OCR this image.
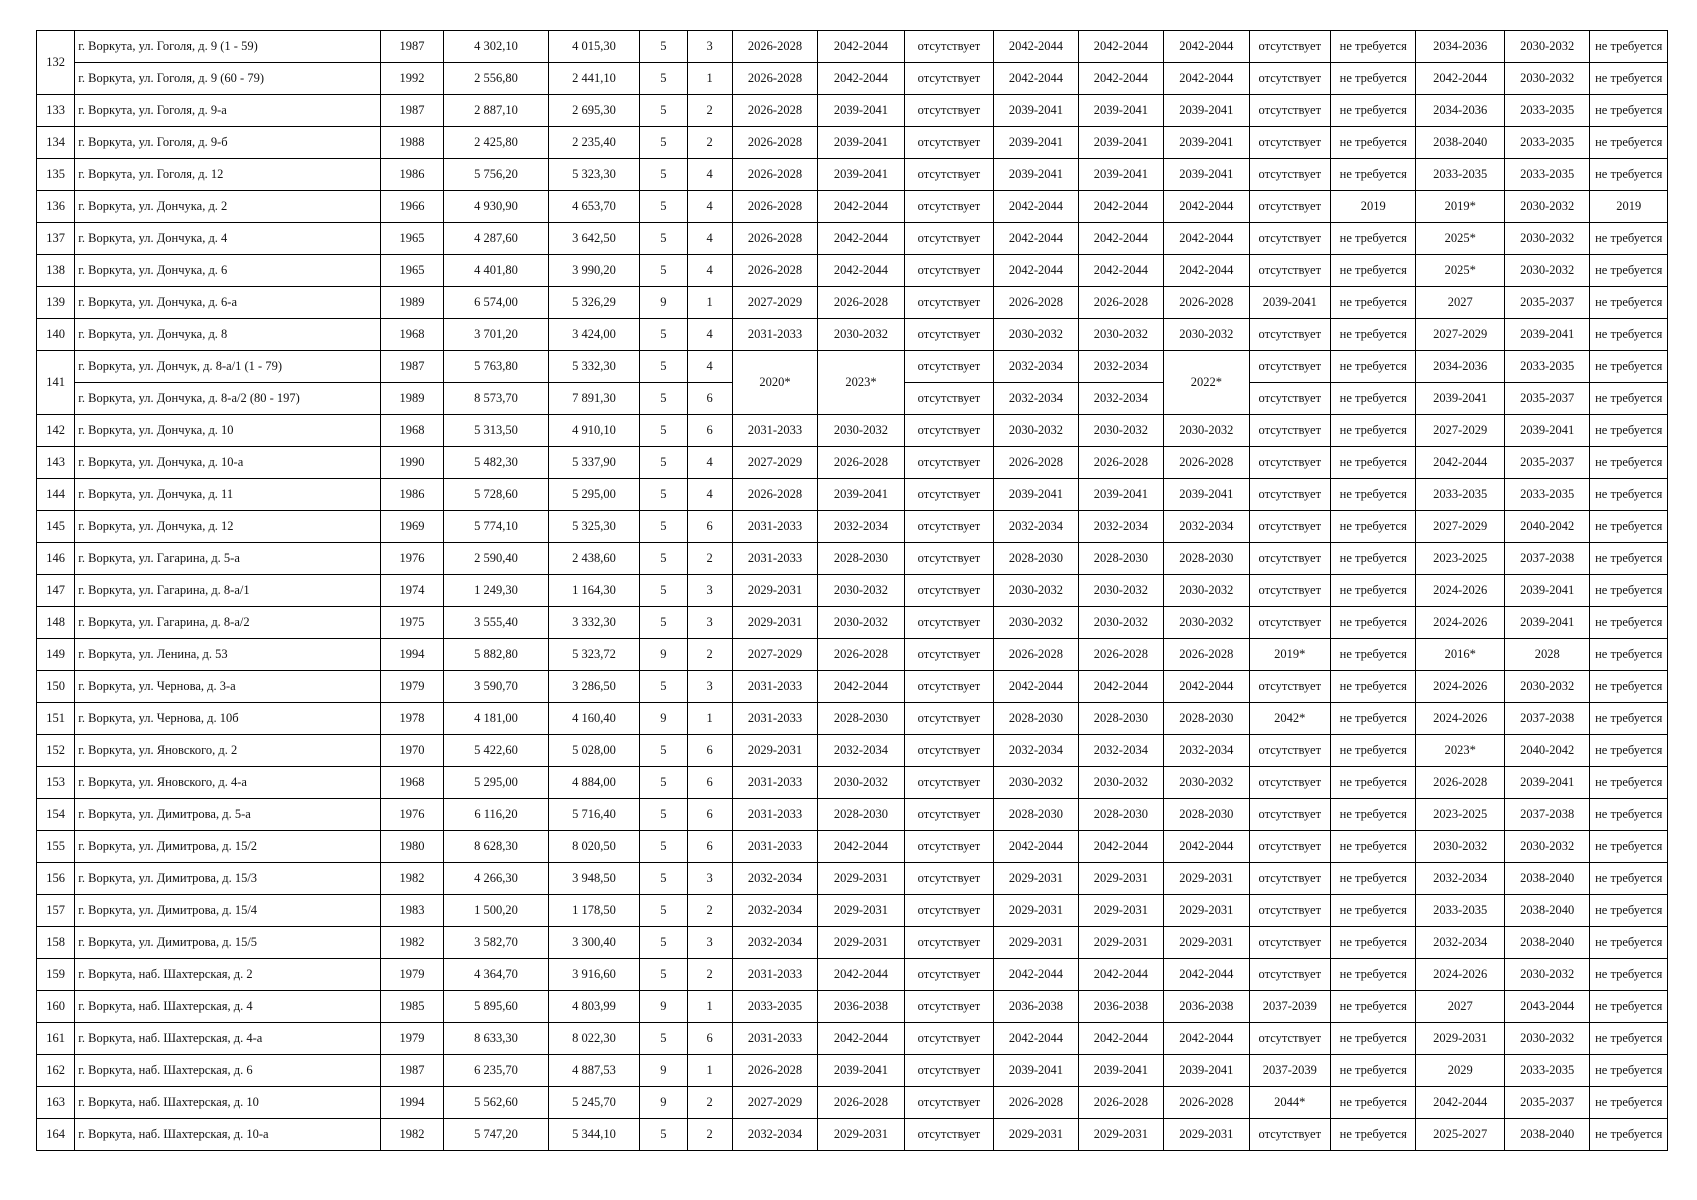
132	г. Воркута, ул. Гоголя, д. 9 (1 - 59)	1987	4 302,10	4 015,30	5	3	2026-2028	2042-2044	отсутствует	2042-2044	2042-2044	2042-2044	отсутствует	не требуется	2034-2036	2030-2032	не требуется
	г. Воркута, ул. Гоголя, д. 9 (60 - 79)	1992	2 556,80	2 441,10	5	1	2026-2028	2042-2044	отсутствует	2042-2044	2042-2044	2042-2044	отсутствует	не требуется	2042-2044	2030-2032	не требуется
133	г. Воркута, ул. Гоголя, д. 9-а	1987	2 887,10	2 695,30	5	2	2026-2028	2039-2041	отсутствует	2039-2041	2039-2041	2039-2041	отсутствует	не требуется	2034-2036	2033-2035	не требуется
134	г. Воркута, ул. Гоголя, д. 9-б	1988	2 425,80	2 235,40	5	2	2026-2028	2039-2041	отсутствует	2039-2041	2039-2041	2039-2041	отсутствует	не требуется	2038-2040	2033-2035	не требуется
135	г. Воркута, ул. Гоголя, д. 12	1986	5 756,20	5 323,30	5	4	2026-2028	2039-2041	отсутствует	2039-2041	2039-2041	2039-2041	отсутствует	не требуется	2033-2035	2033-2035	не требуется
136	г. Воркута, ул. Дончука, д. 2	1966	4 930,90	4 653,70	5	4	2026-2028	2042-2044	отсутствует	2042-2044	2042-2044	2042-2044	отсутствует	2019	2019*	2030-2032	2019
137	г. Воркута, ул. Дончука, д. 4	1965	4 287,60	3 642,50	5	4	2026-2028	2042-2044	отсутствует	2042-2044	2042-2044	2042-2044	отсутствует	не требуется	2025*	2030-2032	не требуется
138	г. Воркута, ул. Дончука, д. 6	1965	4 401,80	3 990,20	5	4	2026-2028	2042-2044	отсутствует	2042-2044	2042-2044	2042-2044	отсутствует	не требуется	2025*	2030-2032	не требуется
139	г. Воркута, ул. Дончука, д. 6-а	1989	6 574,00	5 326,29	9	1	2027-2029	2026-2028	отсутствует	2026-2028	2026-2028	2026-2028	2039-2041	не требуется	2027	2035-2037	не требуется
140	г. Воркута, ул. Дончука, д. 8	1968	3 701,20	3 424,00	5	4	2031-2033	2030-2032	отсутствует	2030-2032	2030-2032	2030-2032	отсутствует	не требуется	2027-2029	2039-2041	не требуется
141	г. Воркута, ул. Дончук, д. 8-а/1 (1 - 79)	1987	5 763,80	5 332,30	5	4	2020*	2023*	отсутствует	2032-2034	2032-2034	2022*	отсутствует	не требуется	2034-2036	2033-2035	не требуется
	г. Воркута, ул. Дончука, д. 8-а/2 (80 - 197)	1989	8 573,70	7 891,30	5	6			отсутствует	2032-2034	2032-2034		отсутствует	не требуется	2039-2041	2035-2037	не требуется
142	г. Воркута, ул. Дончука, д. 10	1968	5 313,50	4 910,10	5	6	2031-2033	2030-2032	отсутствует	2030-2032	2030-2032	2030-2032	отсутствует	не требуется	2027-2029	2039-2041	не требуется
143	г. Воркута, ул. Дончука, д. 10-а	1990	5 482,30	5 337,90	5	4	2027-2029	2026-2028	отсутствует	2026-2028	2026-2028	2026-2028	отсутствует	не требуется	2042-2044	2035-2037	не требуется
144	г. Воркута, ул. Дончука, д. 11	1986	5 728,60	5 295,00	5	4	2026-2028	2039-2041	отсутствует	2039-2041	2039-2041	2039-2041	отсутствует	не требуется	2033-2035	2033-2035	не требуется
145	г. Воркута, ул. Дончука, д. 12	1969	5 774,10	5 325,30	5	6	2031-2033	2032-2034	отсутствует	2032-2034	2032-2034	2032-2034	отсутствует	не требуется	2027-2029	2040-2042	не требуется
146	г. Воркута, ул. Гагарина, д. 5-а	1976	2 590,40	2 438,60	5	2	2031-2033	2028-2030	отсутствует	2028-2030	2028-2030	2028-2030	отсутствует	не требуется	2023-2025	2037-2038	не требуется
147	г. Воркута, ул. Гагарина, д. 8-а/1	1974	1 249,30	1 164,30	5	3	2029-2031	2030-2032	отсутствует	2030-2032	2030-2032	2030-2032	отсутствует	не требуется	2024-2026	2039-2041	не требуется
148	г. Воркута, ул. Гагарина, д. 8-а/2	1975	3 555,40	3 332,30	5	3	2029-2031	2030-2032	отсутствует	2030-2032	2030-2032	2030-2032	отсутствует	не требуется	2024-2026	2039-2041	не требуется
149	г. Воркута, ул. Ленина, д. 53	1994	5 882,80	5 323,72	9	2	2027-2029	2026-2028	отсутствует	2026-2028	2026-2028	2026-2028	2019*	не требуется	2016*	2028	не требуется
150	г. Воркута, ул. Чернова, д. 3-а	1979	3 590,70	3 286,50	5	3	2031-2033	2042-2044	отсутствует	2042-2044	2042-2044	2042-2044	отсутствует	не требуется	2024-2026	2030-2032	не требуется
151	г. Воркута, ул. Чернова, д. 10б	1978	4 181,00	4 160,40	9	1	2031-2033	2028-2030	отсутствует	2028-2030	2028-2030	2028-2030	2042*	не требуется	2024-2026	2037-2038	не требуется
152	г. Воркута, ул. Яновского, д. 2	1970	5 422,60	5 028,00	5	6	2029-2031	2032-2034	отсутствует	2032-2034	2032-2034	2032-2034	отсутствует	не требуется	2023*	2040-2042	не требуется
153	г. Воркута, ул. Яновского, д. 4-а	1968	5 295,00	4 884,00	5	6	2031-2033	2030-2032	отсутствует	2030-2032	2030-2032	2030-2032	отсутствует	не требуется	2026-2028	2039-2041	не требуется
154	г. Воркута, ул. Димитрова, д. 5-а	1976	6 116,20	5 716,40	5	6	2031-2033	2028-2030	отсутствует	2028-2030	2028-2030	2028-2030	отсутствует	не требуется	2023-2025	2037-2038	не требуется
155	г. Воркута, ул. Димитрова, д. 15/2	1980	8 628,30	8 020,50	5	6	2031-2033	2042-2044	отсутствует	2042-2044	2042-2044	2042-2044	отсутствует	не требуется	2030-2032	2030-2032	не требуется
156	г. Воркута, ул. Димитрова, д. 15/3	1982	4 266,30	3 948,50	5	3	2032-2034	2029-2031	отсутствует	2029-2031	2029-2031	2029-2031	отсутствует	не требуется	2032-2034	2038-2040	не требуется
157	г. Воркута, ул. Димитрова, д. 15/4	1983	1 500,20	1 178,50	5	2	2032-2034	2029-2031	отсутствует	2029-2031	2029-2031	2029-2031	отсутствует	не требуется	2033-2035	2038-2040	не требуется
158	г. Воркута, ул. Димитрова, д. 15/5	1982	3 582,70	3 300,40	5	3	2032-2034	2029-2031	отсутствует	2029-2031	2029-2031	2029-2031	отсутствует	не требуется	2032-2034	2038-2040	не требуется
159	г. Воркута, наб. Шахтерская, д. 2	1979	4 364,70	3 916,60	5	2	2031-2033	2042-2044	отсутствует	2042-2044	2042-2044	2042-2044	отсутствует	не требуется	2024-2026	2030-2032	не требуется
160	г. Воркута, наб. Шахтерская, д. 4	1985	5 895,60	4 803,99	9	1	2033-2035	2036-2038	отсутствует	2036-2038	2036-2038	2036-2038	2037-2039	не требуется	2027	2043-2044	не требуется
161	г. Воркута, наб. Шахтерская, д. 4-а	1979	8 633,30	8 022,30	5	6	2031-2033	2042-2044	отсутствует	2042-2044	2042-2044	2042-2044	отсутствует	не требуется	2029-2031	2030-2032	не требуется
162	г. Воркута, наб. Шахтерская, д. 6	1987	6 235,70	4 887,53	9	1	2026-2028	2039-2041	отсутствует	2039-2041	2039-2041	2039-2041	2037-2039	не требуется	2029	2033-2035	не требуется
163	г. Воркута, наб. Шахтерская, д. 10	1994	5 562,60	5 245,70	9	2	2027-2029	2026-2028	отсутствует	2026-2028	2026-2028	2026-2028	2044*	не требуется	2042-2044	2035-2037	не требуется
164	г. Воркута, наб. Шахтерская, д. 10-а	1982	5 747,20	5 344,10	5	2	2032-2034	2029-2031	отсутствует	2029-2031	2029-2031	2029-2031	отсутствует	не требуется	2025-2027	2038-2040	не требуется
